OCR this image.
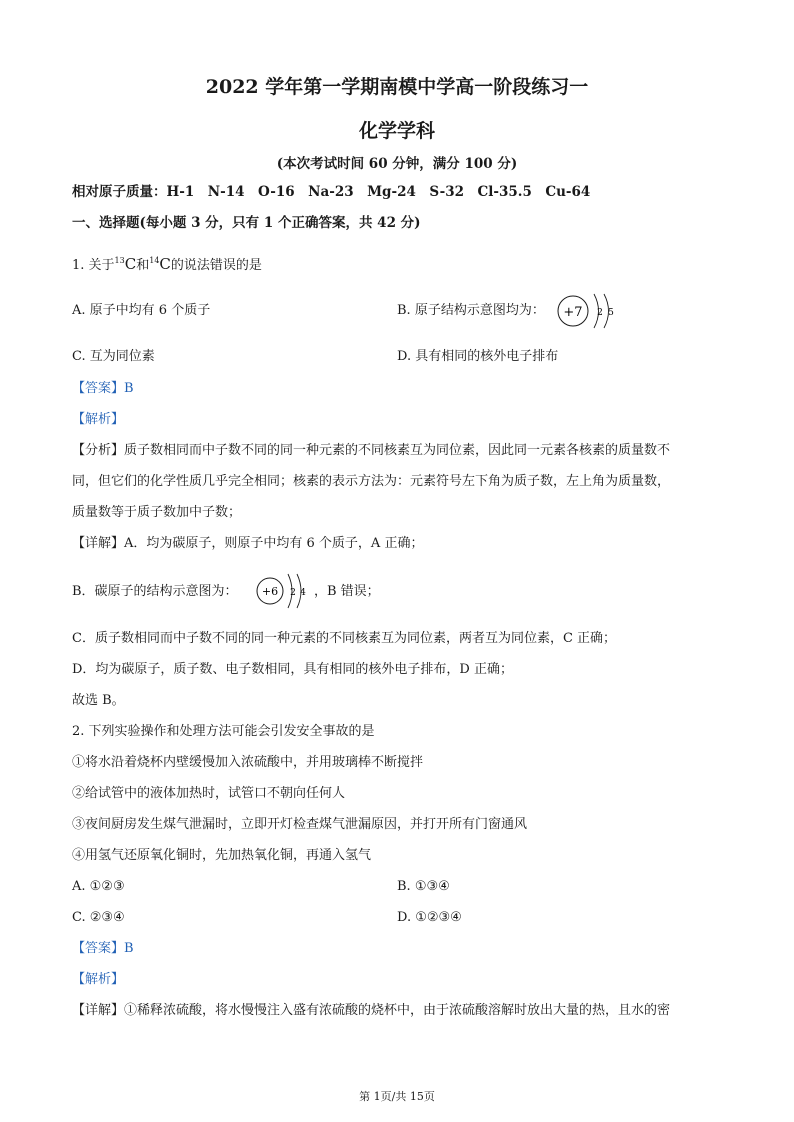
2022 学年第一学期南模中学高一阶段练习一
化学学科
(本次考试时间 60 分钟，满分 100 分)
相对原子质量：H-1　N-14　O-16　Na-23　Mg-24　S-32　Cl-35.5　Cu-64
一、选择题(每小题 3 分，只有 1 个正确答案，共 42 分)
1. 关于$^{13}$C和$^{14}$C的说法错误的是
A. 原子中均有 6 个质子	B. 原子结构示意图均为： +7 2 5
C. 互为同位素	D. 具有相同的核外电子排布
【答案】B
【解析】
【分析】质子数相同而中子数不同的同一种元素的不同核素互为同位素，因此同一元素各核素的质量数不
同，但它们的化学性质几乎完全相同；核素的表示方法为：元素符号左下角为质子数，左上角为质量数，
质量数等于质子数加中子数；
【详解】A．均为碳原子，则原子中均有 6 个质子，A 正确；
B．碳原子的结构示意图为： +6 2 4 ，B 错误；
C．质子数相同而中子数不同的同一种元素的不同核素互为同位素，两者互为同位素，C 正确；
D．均为碳原子，质子数、电子数相同，具有相同的核外电子排布，D 正确；
故选 B。
2. 下列实验操作和处理方法可能会引发安全事故的是
①将水沿着烧杯内壁缓慢加入浓硫酸中，并用玻璃棒不断搅拌
②给试管中的液体加热时，试管口不朝向任何人
③夜间厨房发生煤气泄漏时，立即开灯检查煤气泄漏原因，并打开所有门窗通风
④用氢气还原氧化铜时，先加热氧化铜，再通入氢气
A. ①②③	B. ①③④
C. ②③④	D. ①②③④
【答案】B
【解析】
【详解】①稀释浓硫酸，将水慢慢注入盛有浓硫酸的烧杯中，由于浓硫酸溶解时放出大量的热，且水的密
第 1页/共 15页
